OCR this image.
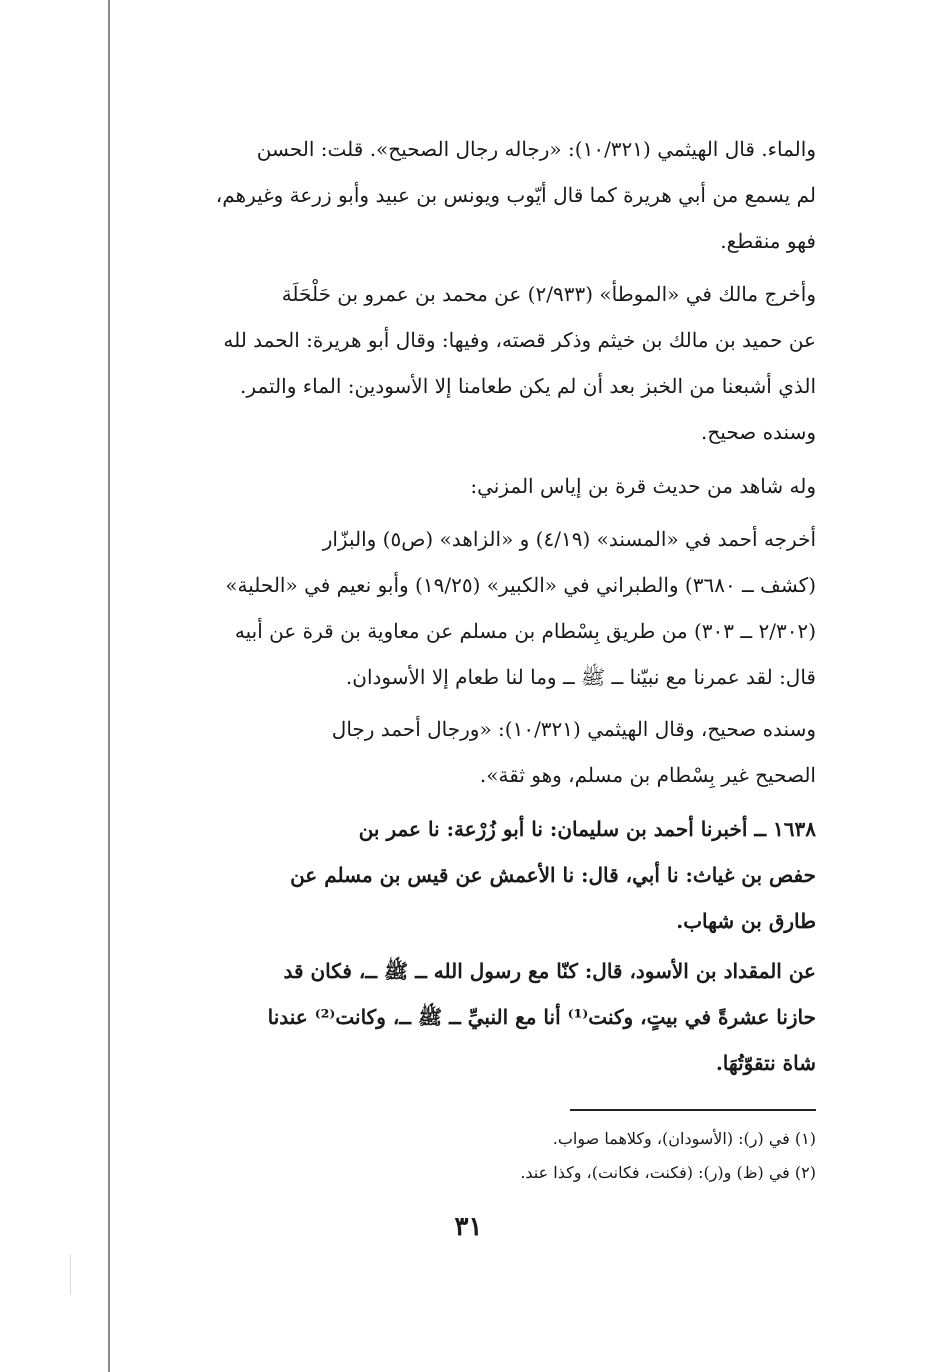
والماء. قال الهيثمي (١٠/٣٢١): «رجاله رجال الصحيح». قلت: الحسن
لم يسمع من أبي هريرة كما قال أيّوب ويونس بن عبيد وأبو زرعة وغيرهم،
فهو منقطع.

وأخرج مالك في «الموطأ» (٢/٩٣٣) عن محمد بن عمرو بن حَلْحَلَة
عن حميد بن مالك بن خيثم وذكر قصته، وفيها: وقال أبو هريرة: الحمد لله
الذي أشبعنا من الخبز بعد أن لم يكن طعامنا إلا الأسودين: الماء والتمر.
وسنده صحيح.

وله شاهد من حديث قرة بن إياس المزني:

أخرجه أحمد في «المسند» (٤/١٩) و «الزاهد» (ص٥) والبزّار
(كشف ــ ٣٦٨٠) والطبراني في «الكبير» (١٩/٢٥) وأبو نعيم في «الحلية»
(٢/٣٠٢ ــ ٣٠٣) من طريق بِسْطام بن مسلم عن معاوية بن قرة عن أبيه
قال: لقد عمرنا مع نبيّنا ــ ﷺ ــ وما لنا طعام إلا الأسودان.

وسنده صحيح، وقال الهيثمي (١٠/٣٢١): «ورجال أحمد رجال
الصحيح غير بِسْطام بن مسلم، وهو ثقة».

١٦٣٨ ــ أخبرنا أحمد بن سليمان: نا أبو زُرْعة: نا عمر بن
حفص بن غياث: نا أبي، قال: نا الأعمش عن قيس بن مسلم عن
طارق بن شهاب.

عن المقداد بن الأسود، قال: كنّا مع رسول الله ــ ﷺ ــ، فكان قد
حازنا عشرةً في بيتٍ، وكنت⁽¹⁾ أنا مع النبيِّ ــ ﷺ ــ، وكانت⁽²⁾ عندنا
شاة نتقوّتُهَا.

(١) في (ر): (الأسودان)، وكلاهما صواب.
(٢) في (ظ) و(ر): (فكنت، فكانت)، وكذا عند.
٣١
